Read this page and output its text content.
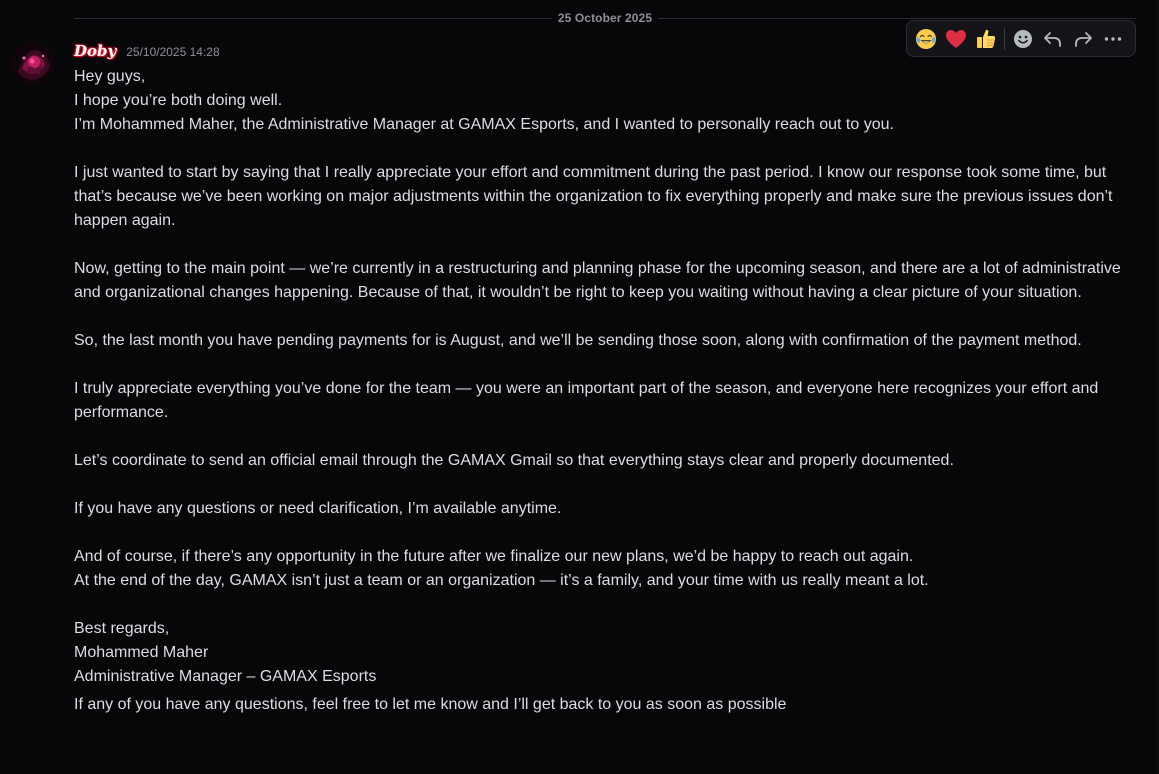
25 October 2025
Doby 25/10/2025 14:28

Hey guys,

I hope you’re both doing well.

I’m Mohammed Maher, the Administrative Manager at GAMAX Esports, and I wanted to personally reach out to you.

I just wanted to start by saying that I really appreciate your effort and commitment during the past period. I know our response took some time, but that’s because we’ve been working on major adjustments within the organization to fix everything properly and make sure the previous issues don’t happen again.

Now, getting to the main point — we’re currently in a restructuring and planning phase for the upcoming season, and there are a lot of administrative and organizational changes happening. Because of that, it wouldn’t be right to keep you waiting without having a clear picture of your situation.

So, the last month you have pending payments for is August, and we’ll be sending those soon, along with confirmation of the payment method.

I truly appreciate everything you’ve done for the team — you were an important part of the season, and everyone here recognizes your effort and performance.

Let’s coordinate to send an official email through the GAMAX Gmail so that everything stays clear and properly documented.

If you have any questions or need clarification, I’m available anytime.

And of course, if there’s any opportunity in the future after we finalize our new plans, we’d be happy to reach out again.

At the end of the day, GAMAX isn’t just a team or an organization — it’s a family, and your time with us really meant a lot.

Best regards,

Mohammed Maher

Administrative Manager – GAMAX Esports

If any of you have any questions, feel free to let me know and I’ll get back to you as soon as possible
